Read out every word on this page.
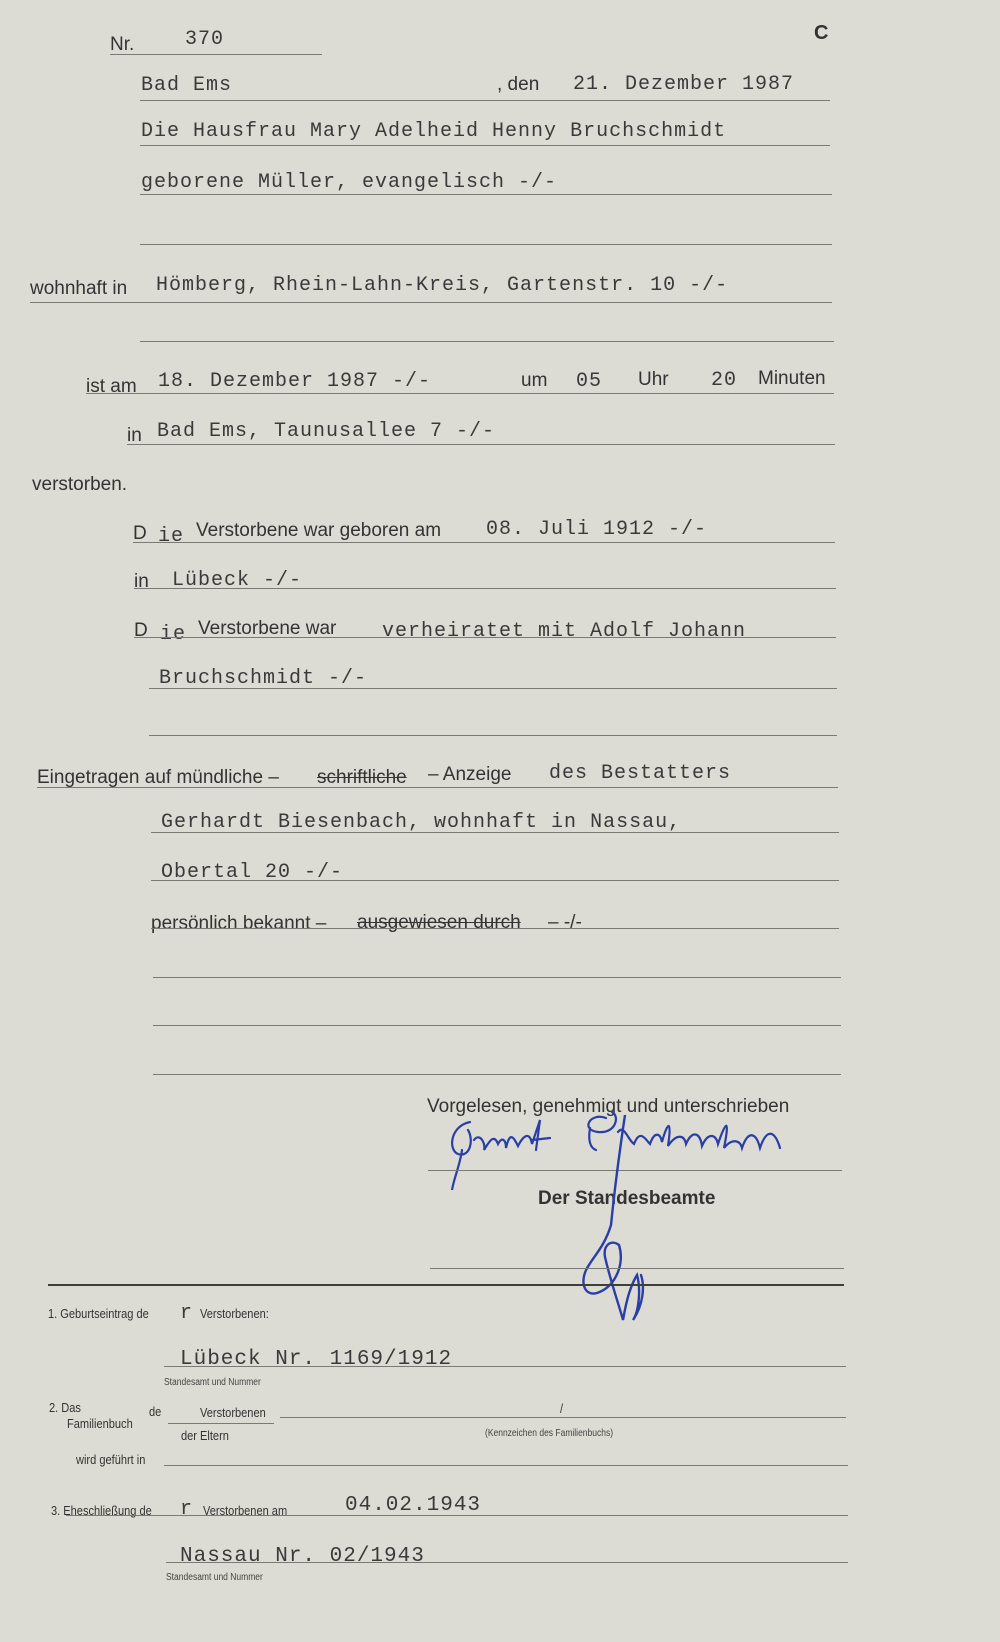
C
Nr.	370
Bad Ems	, den 21. Dezember 1987
Die Hausfrau Mary Adelheid Henny Bruchschmidt
geborene Müller, evangelisch -/-
wohnhaft in Hömberg, Rhein-Lahn-Kreis, Gartenstr. 10 -/-
ist am 18. Dezember 1987 -/-	um 05 Uhr 20 Minuten
in Bad Ems, Taunusallee 7 -/-
verstorben.
D ie Verstorbene war geboren am 08. Juli 1912 -/-
in Lübeck -/-
D ie Verstorbene war verheiratet mit Adolf Johann
Bruchschmidt -/-
Eingetragen auf mündliche – schriftliche – Anzeige des Bestatters
Gerhardt Biesenbach, wohnhaft in Nassau,
Obertal 20 -/-
persönlich bekannt – ausgewiesen durch – -/-
Vorgelesen, genehmigt und unterschrieben
Der Standesbeamte
1. Geburtseintrag de r Verstorbenen:
Lübeck Nr. 1169/1912
Standesamt und Nummer
2. Das
Familienbuch
de	Verstorbenen
der Eltern
/
(Kennzeichen des Familienbuchs)
wird geführt in
3. Eheschließung de r Verstorbenen am	04.02.1943
Nassau Nr. 02/1943
Standesamt und Nummer
